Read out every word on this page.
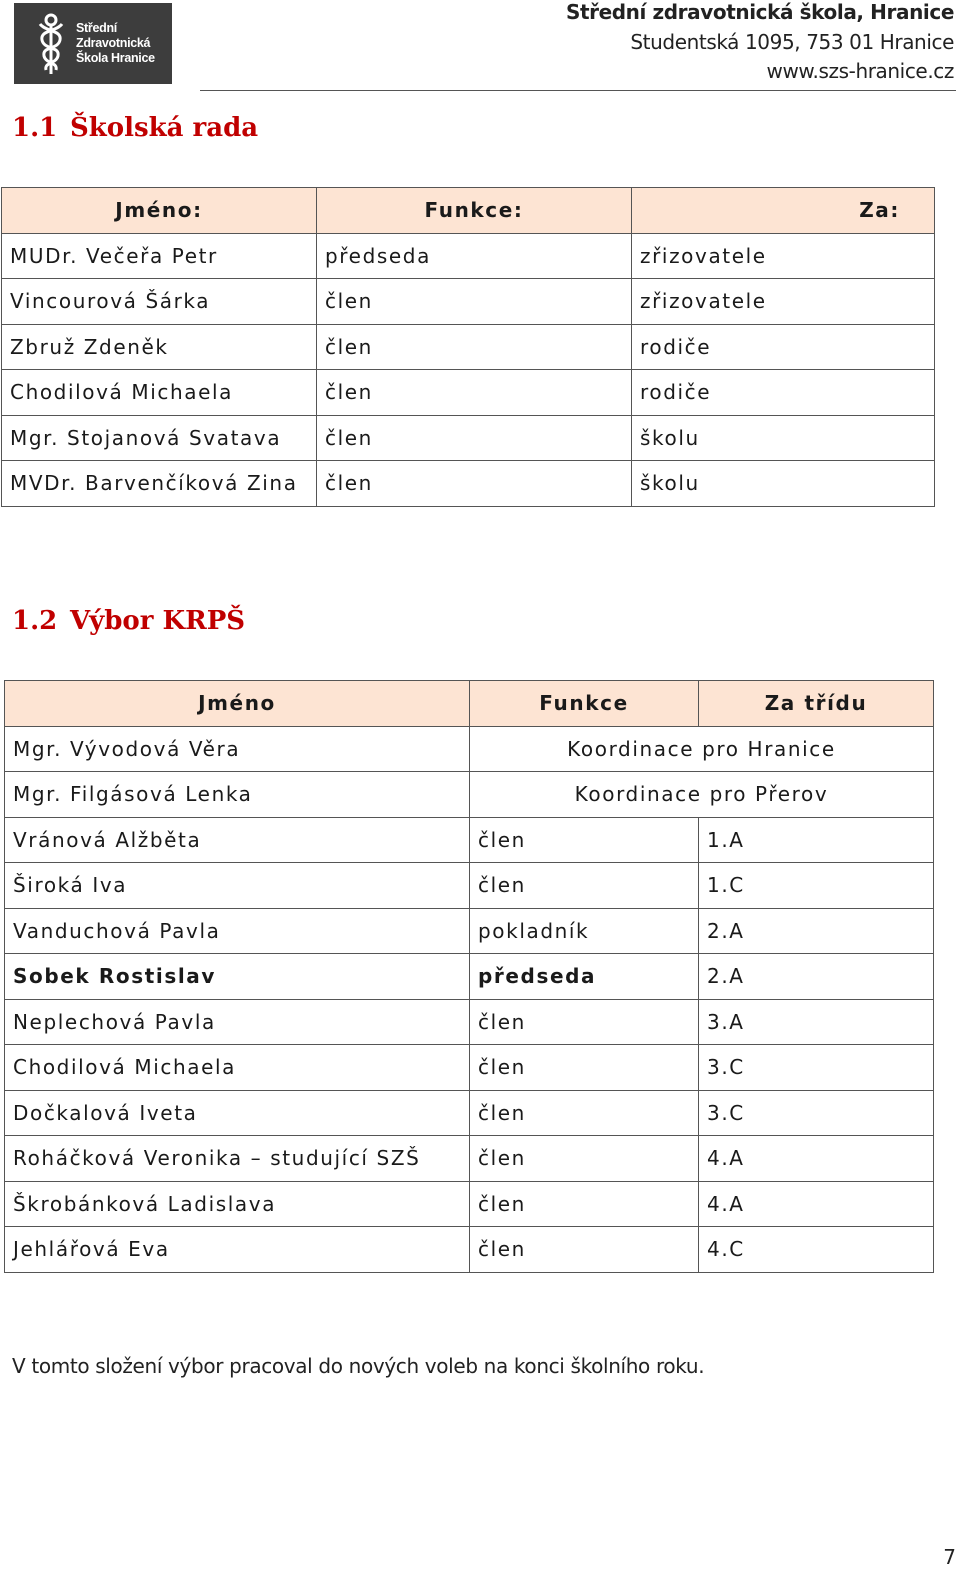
Střední
Zdravotnická
Škola Hranice
Střední zdravotnická škola, Hranice
Studentská 1095, 753 01 Hranice
www.szs-hranice.cz
1.1 Školská rada
Jméno:	Funkce:	Za:
MUDr. Večeřa Petr	předseda	zřizovatele
Vincourová Šárka	člen	zřizovatele
Zbruž Zdeněk	člen	rodiče
Chodilová Michaela	člen	rodiče
Mgr. Stojanová Svatava	člen	školu
MVDr. Barvenčíková Zina	člen	školu
1.2 Výbor KRPŠ
Jméno	Funkce	Za třídu
Mgr. Vývodová Věra	Koordinace pro Hranice	
Mgr. Filgásová Lenka	Koordinace pro Přerov	
Vránová Alžběta	člen	1.A
Široká Iva	člen	1.C
Vanduchová Pavla	pokladník	2.A
Sobek Rostislav	předseda	2.A
Neplechová Pavla	člen	3.A
Chodilová Michaela	člen	3.C
Dočkalová Iveta	člen	3.C
Roháčková Veronika – studující SZŠ	člen	4.A
Škrobánková Ladislava	člen	4.A
Jehlářová Eva	člen	4.C
V tomto složení výbor pracoval do nových voleb na konci školního roku.
7
